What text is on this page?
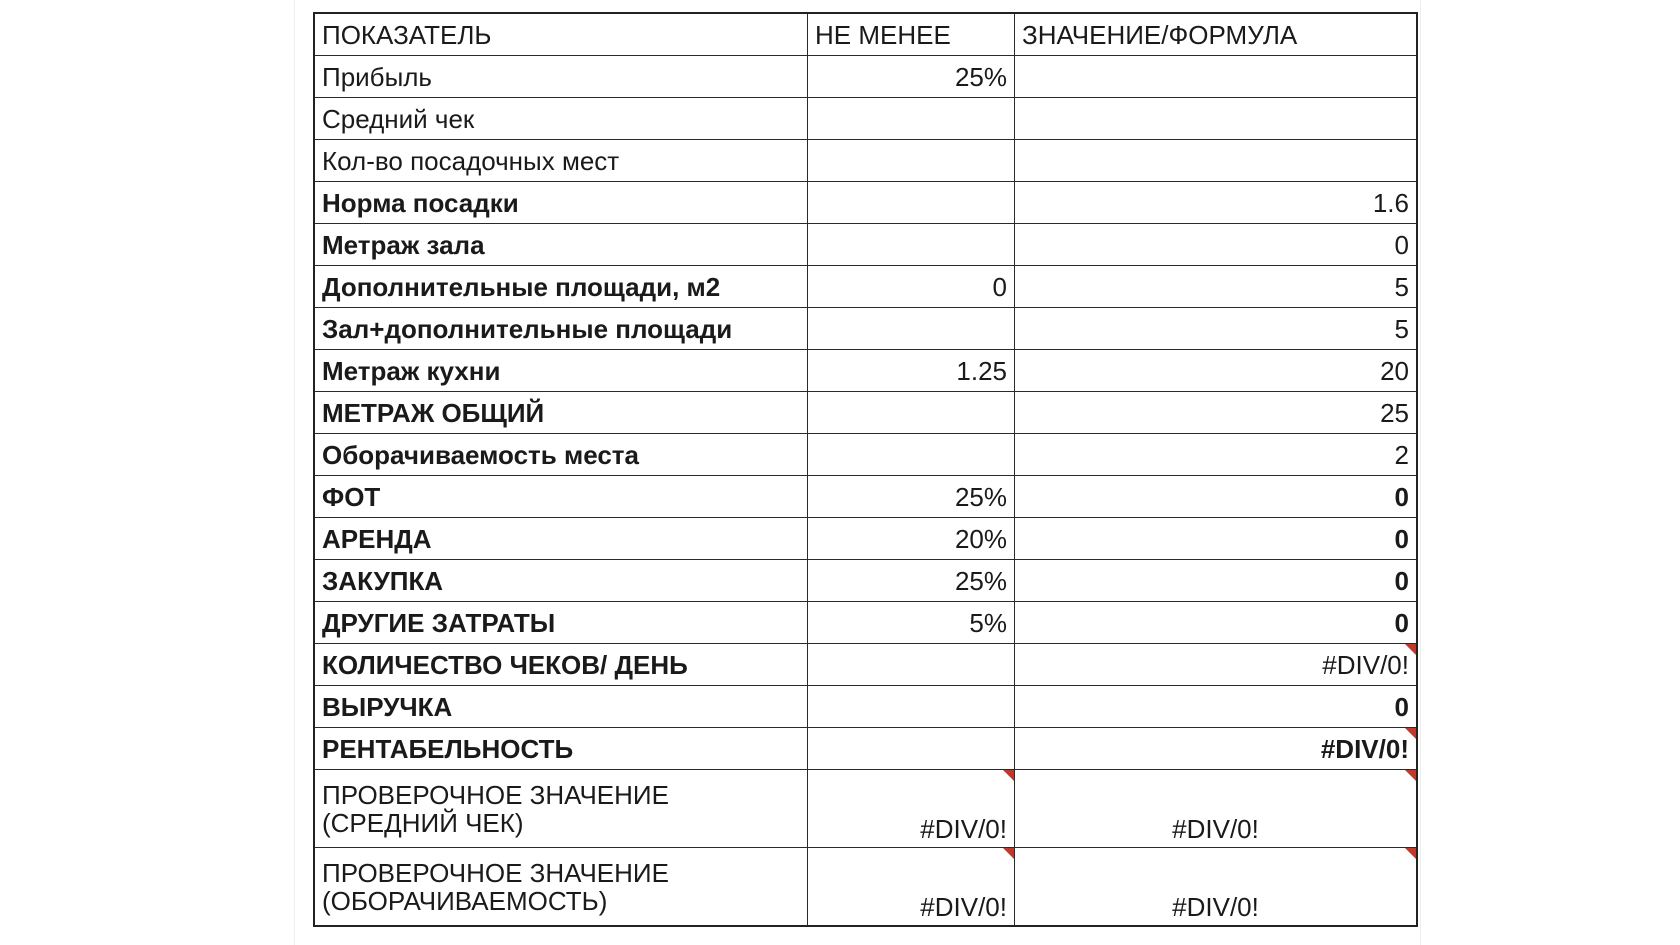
ПОКАЗАТЕЛЬ	НЕ МЕНЕЕ	ЗНАЧЕНИЕ/ФОРМУЛА
Прибыль	25%	
Средний чек		
Кол-во посадочных мест		
Норма посадки		1.6
Метраж зала		0
Дополнительные площади, м2	0	5
Зал+дополнительные площади		5
Метраж кухни	1.25	20
МЕТРАЖ ОБЩИЙ		25
Оборачиваемость места		2
ФОТ	25%	0
АРЕНДА	20%	0
ЗАКУПКА	25%	0
ДРУГИЕ ЗАТРАТЫ	5%	0
КОЛИЧЕСТВО ЧЕКОВ/ ДЕНЬ		#DIV/0!
ВЫРУЧКА		0
РЕНТАБЕЛЬНОСТЬ		#DIV/0!

ПРОВЕРОЧНОЕ ЗНАЧЕНИЕ
(СРЕДНИЙ ЧЕК)	#DIV/0!	#DIV/0!

ПРОВЕРОЧНОЕ ЗНАЧЕНИЕ
(ОБОРАЧИВАЕМОСТЬ)	#DIV/0!	#DIV/0!
